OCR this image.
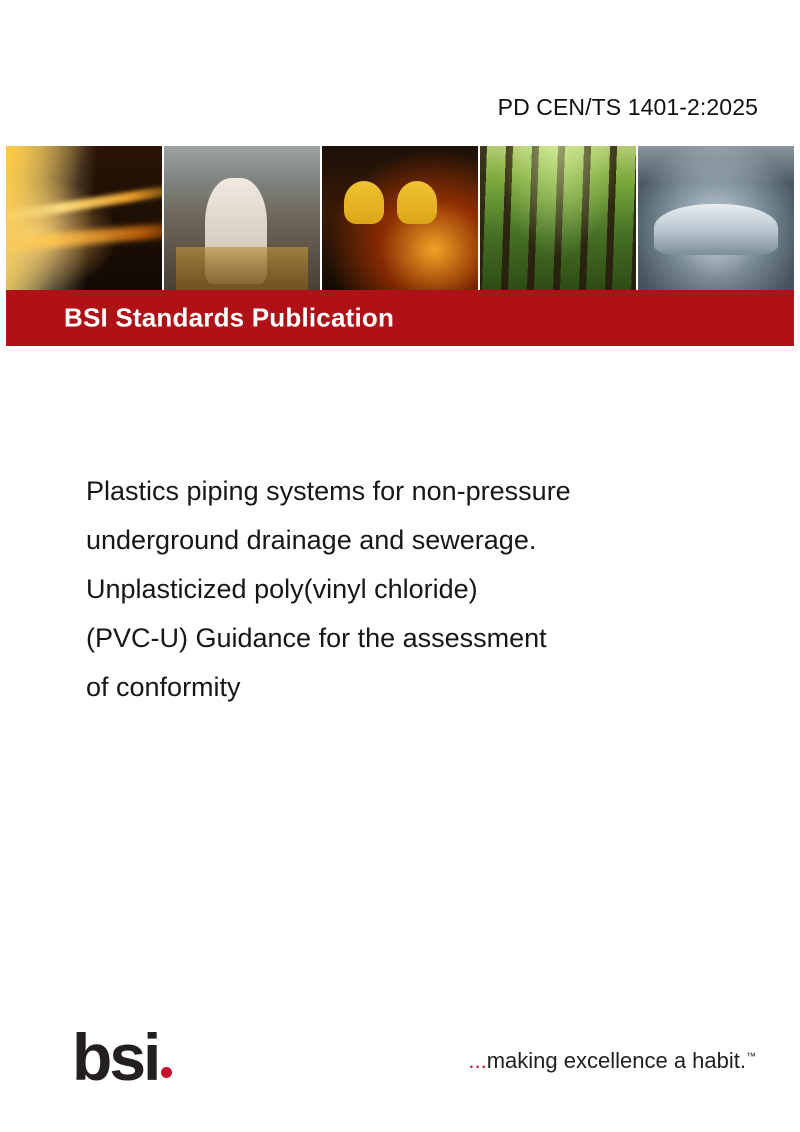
PD CEN/TS 1401-2:2025
BSI Standards Publication
Plastics piping systems for non-pressure
underground drainage and sewerage.
Unplasticized poly(vinyl chloride)
(PVC-U) Guidance for the assessment
of conformity
bsi	...making excellence a habit.™
